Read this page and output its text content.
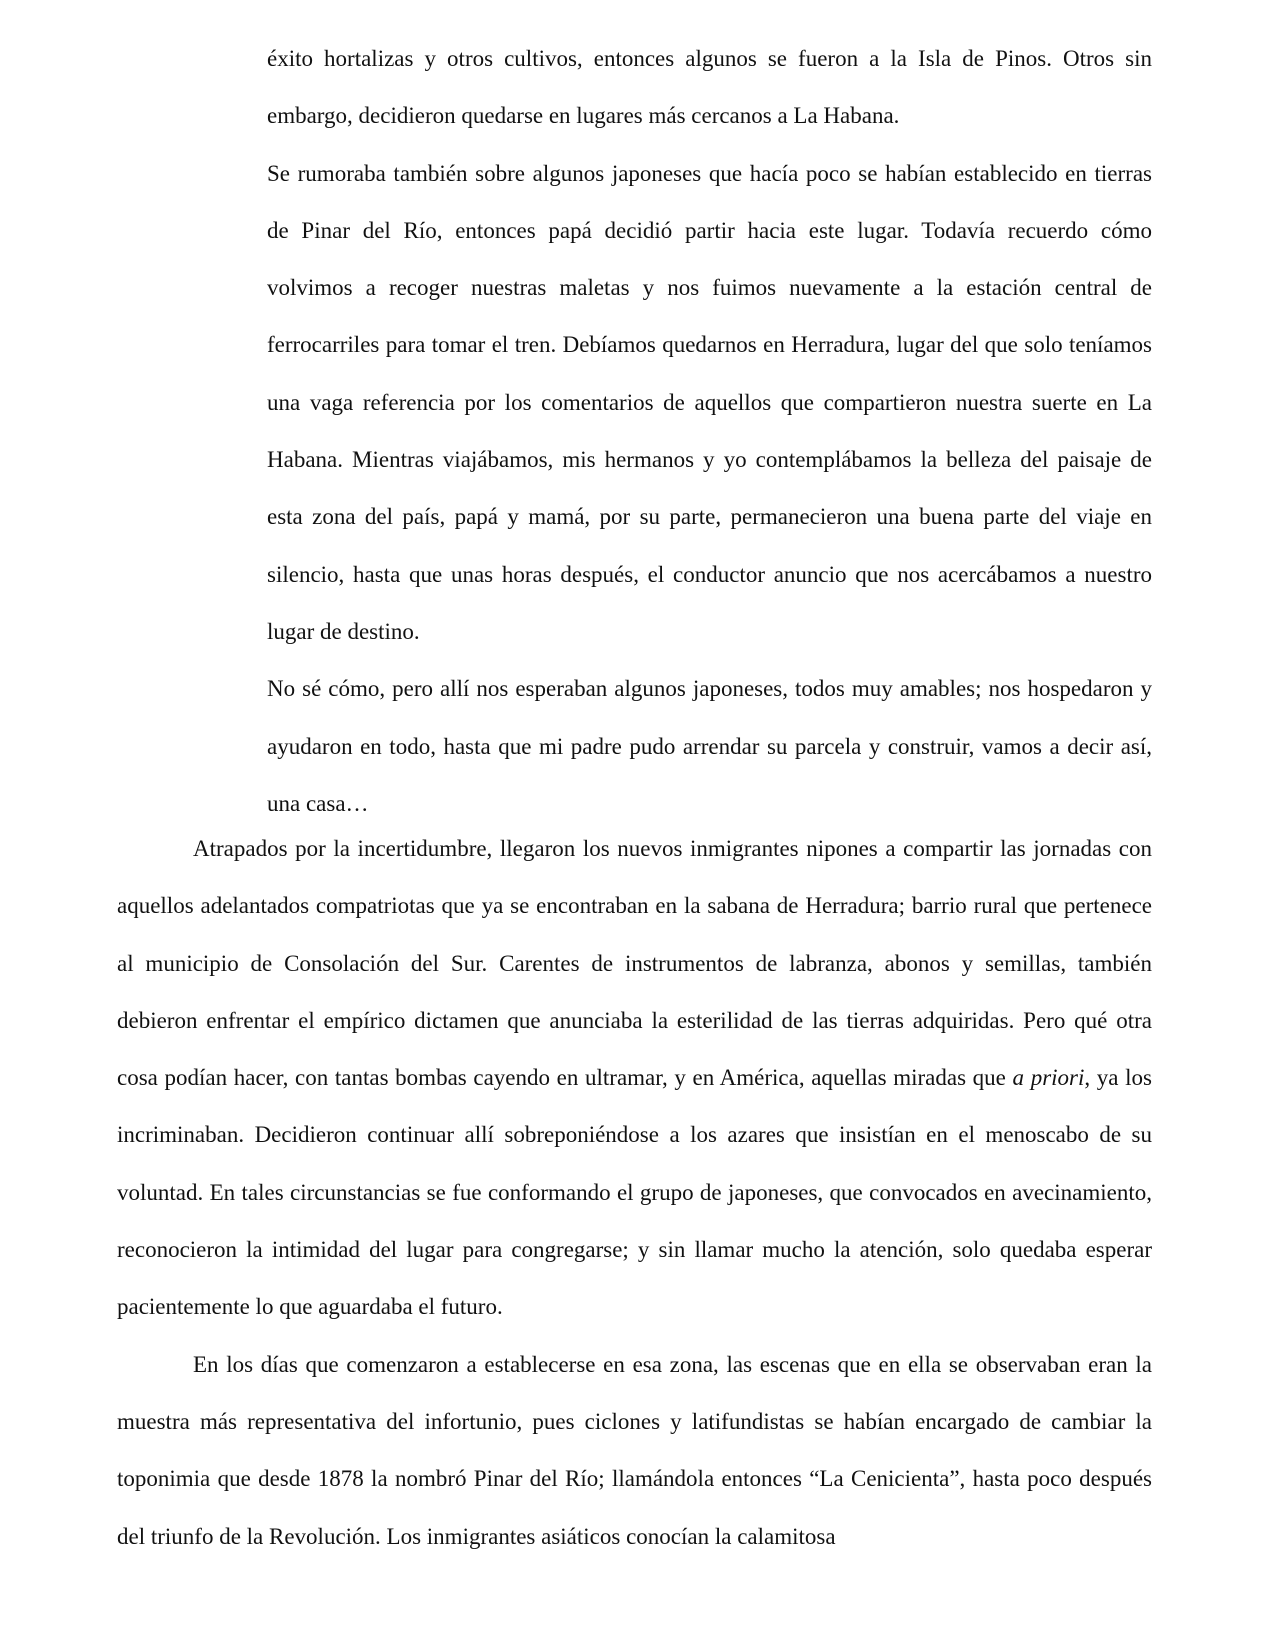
éxito hortalizas y otros cultivos, entonces algunos se fueron a la Isla de Pinos. Otros sin embargo, decidieron quedarse en lugares más cercanos a La Habana.

Se rumoraba también sobre algunos japoneses que hacía poco se habían establecido en tierras de Pinar del Río, entonces papá decidió partir hacia este lugar. Todavía recuerdo cómo volvimos a recoger nuestras maletas y nos fuimos nuevamente a la estación central de ferrocarriles para tomar el tren. Debíamos quedarnos en Herradura, lugar del que solo teníamos una vaga referencia por los comentarios de aquellos que compartieron nuestra suerte en La Habana. Mientras viajábamos, mis hermanos y yo contemplábamos la belleza del paisaje de esta zona del país, papá y mamá, por su parte, permanecieron una buena parte del viaje en silencio, hasta que unas horas después, el conductor anuncio que nos acercábamos a nuestro lugar de destino.

No sé cómo, pero allí nos esperaban algunos japoneses, todos muy amables; nos hospedaron y ayudaron en todo, hasta que mi padre pudo arrendar su parcela y construir, vamos a decir así, una casa…

Atrapados por la incertidumbre, llegaron los nuevos inmigrantes nipones a compartir las jornadas con aquellos adelantados compatriotas que ya se encontraban en la sabana de Herradura; barrio rural que pertenece al municipio de Consolación del Sur. Carentes de instrumentos de labranza, abonos y semillas, también debieron enfrentar el empírico dictamen que anunciaba la esterilidad de las tierras adquiridas. Pero qué otra cosa podían hacer, con tantas bombas cayendo en ultramar, y en América, aquellas miradas que a priori, ya los incriminaban. Decidieron continuar allí sobreponiéndose a los azares que insistían en el menoscabo de su voluntad. En tales circunstancias se fue conformando el grupo de japoneses, que convocados en avecinamiento, reconocieron la intimidad del lugar para congregarse; y sin llamar mucho la atención, solo quedaba esperar pacientemente lo que aguardaba el futuro.

En los días que comenzaron a establecerse en esa zona, las escenas que en ella se observaban eran la muestra más representativa del infortunio, pues ciclones y latifundistas se habían encargado de cambiar la toponimia que desde 1878 la nombró Pinar del Río; llamándola entonces “La Cenicienta”, hasta poco después del triunfo de la Revolución. Los inmigrantes asiáticos conocían la calamitosa
